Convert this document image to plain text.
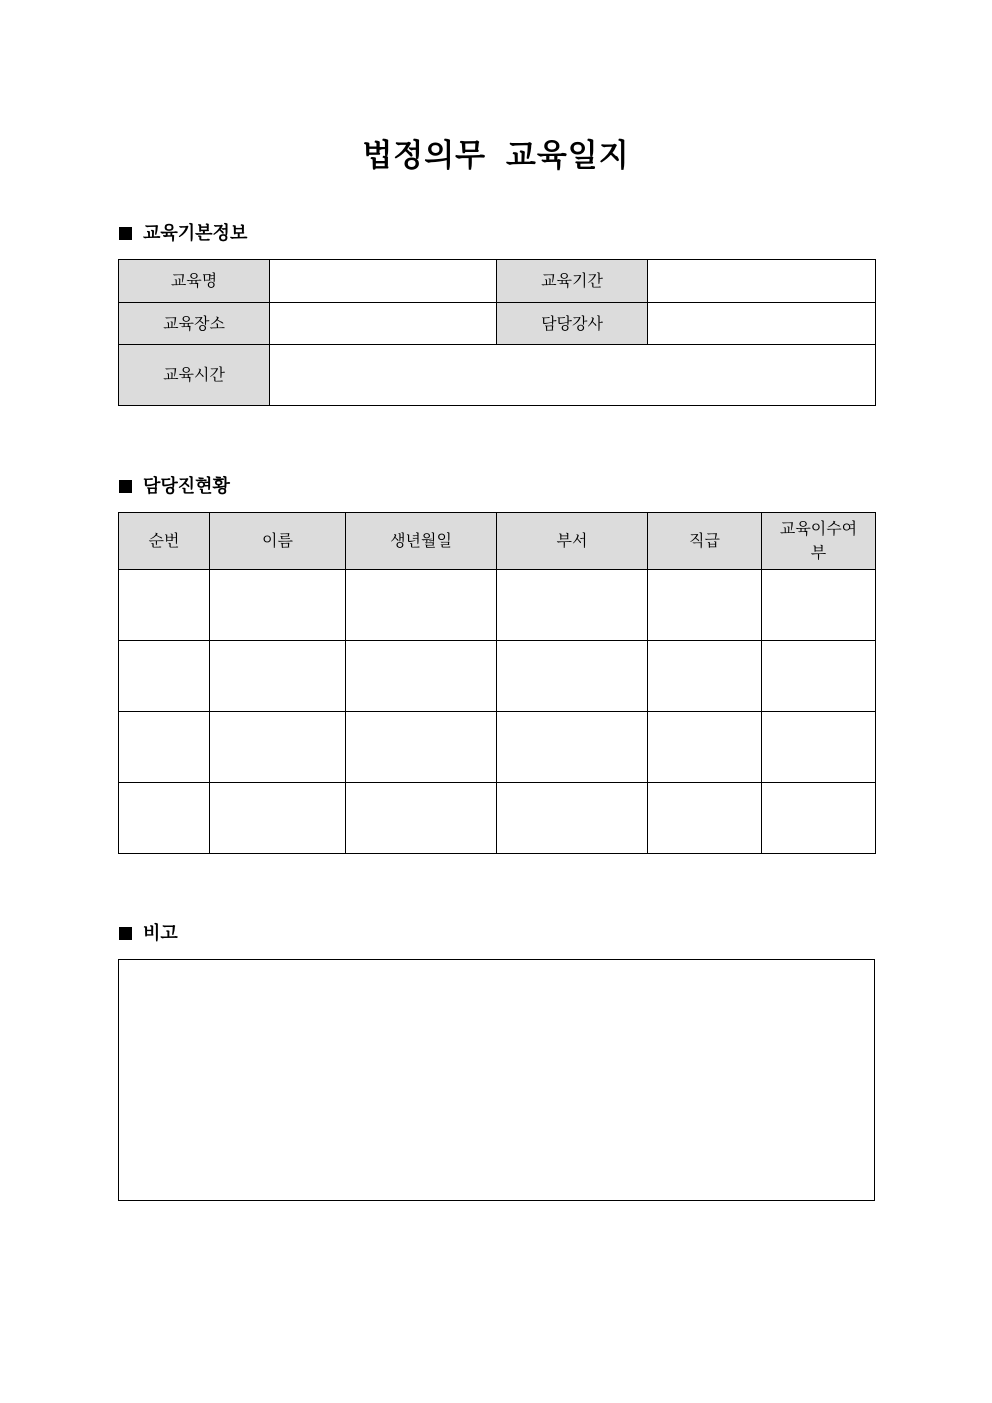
법정의무 교육일지
교육기본정보
교육명		교육기간	
교육장소		담당강사	
교육시간			
담당진현황
순번	이름	생년월일	부서	직급	교육이수여부

비고
